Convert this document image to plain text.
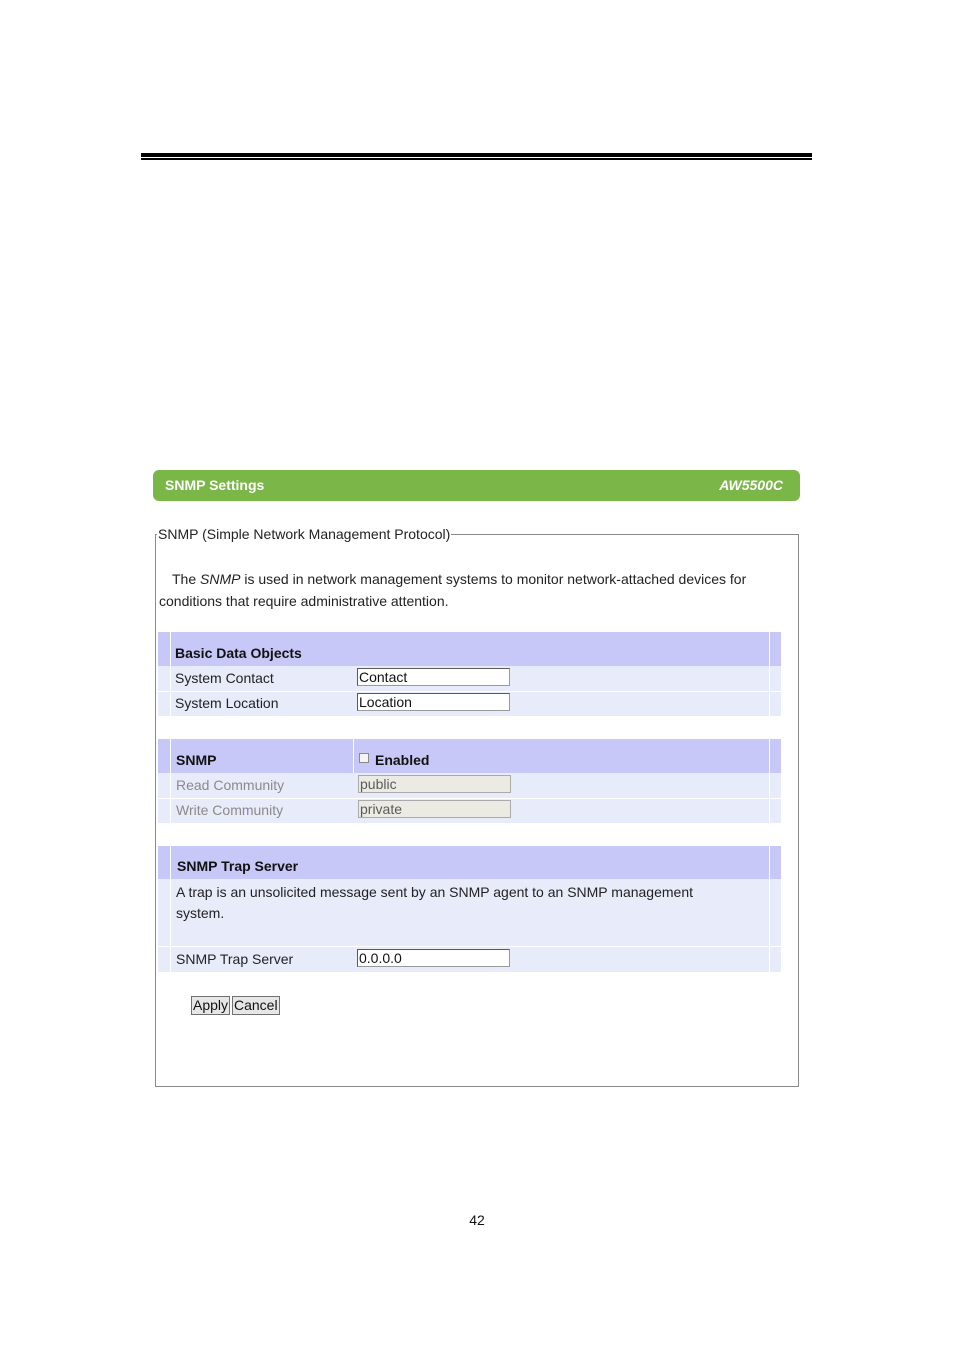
SNMP Settings	AW5500C
SNMP (Simple Network Management Protocol)
The SNMP is used in network management systems to monitor network-attached devices for
conditions that require administrative attention.
Basic Data Objects
System Contact
Contact
System Location
Location
SNMP	Enabled
Read Community
public
Write Community
private
SNMP Trap Server
A trap is an unsolicited message sent by an SNMP agent to an SNMP management
system.
SNMP Trap Server
0.0.0.0
Apply Cancel
42
